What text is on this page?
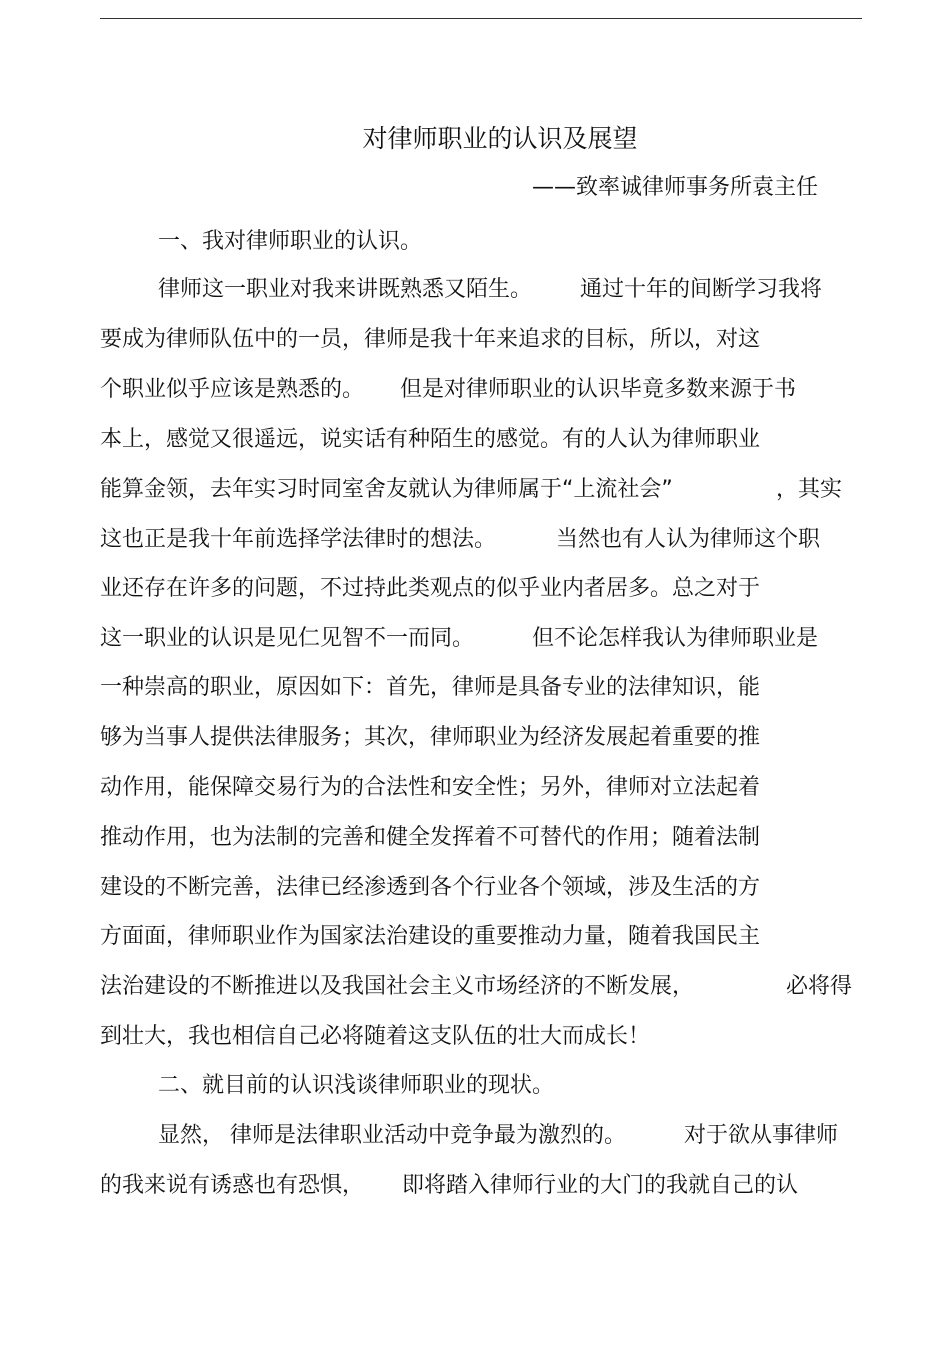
对律师职业的认识及展望
——致率诚律师事务所袁主任
一、我对律师职业的认识。
律师这一职业对我来讲既熟悉又陌生。 通过十年的间断学习我将
要成为律师队伍中的一员，律师是我十年来追求的目标，所以，对这
个职业似乎应该是熟悉的。 但是对律师职业的认识毕竟多数来源于书
本上，感觉又很遥远，说实话有种陌生的感觉。有的人认为律师职业
能算金领，去年实习时同室舍友就认为律师属于“上流社会”	，其实
这也正是我十年前选择学法律时的想法。	当然也有人认为律师这个职
业还存在许多的问题，不过持此类观点的似乎业内者居多。总之对于
这一职业的认识是见仁见智不一而同。	但不论怎样我认为律师职业是
一种崇高的职业，原因如下：首先，律师是具备专业的法律知识，能
够为当事人提供法律服务；其次，律师职业为经济发展起着重要的推
动作用，能保障交易行为的合法性和安全性；另外，律师对立法起着
推动作用，也为法制的完善和健全发挥着不可替代的作用；随着法制
建设的不断完善，法律已经渗透到各个行业各个领域，涉及生活的方
方面面，律师职业作为国家法治建设的重要推动力量，随着我国民主
法治建设的不断推进以及我国社会主义市场经济的不断发展，	必将得
到壮大，我也相信自己必将随着这支队伍的壮大而成长！
二、就目前的认识浅谈律师职业的现状。
显然， 律师是法律职业活动中竞争最为激烈的。	对于欲从事律师
的我来说有诱惑也有恐惧， 即将踏入律师行业的大门的我就自己的认
